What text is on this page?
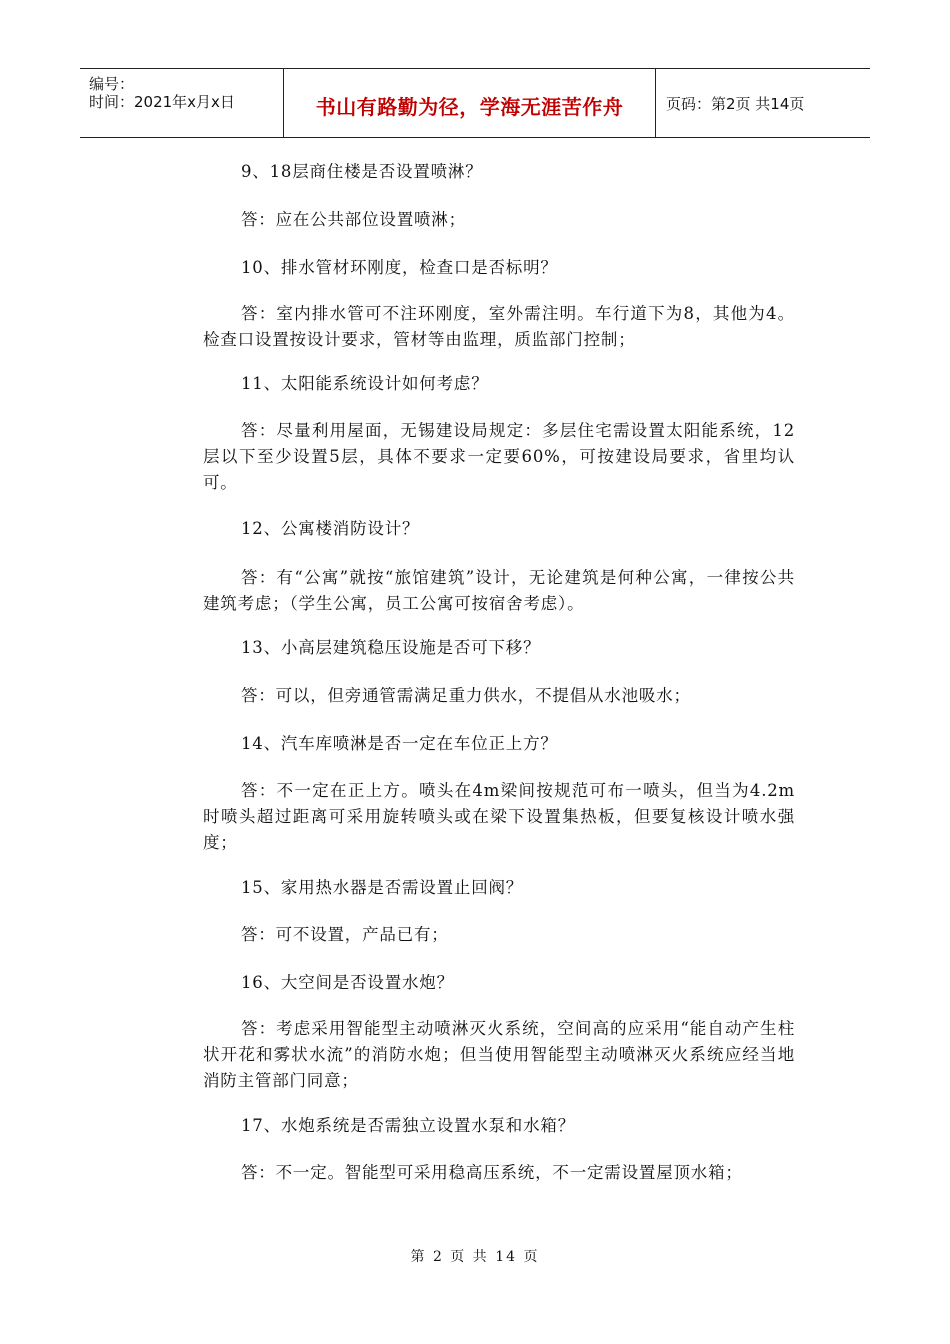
编号：
时间：2021年x月x日	书山有路勤为径，学海无涯苦作舟	页码：第2页 共14页

9、18层商住楼是否设置喷淋？

答：应在公共部位设置喷淋；

10、排水管材环刚度，检查口是否标明？

答：室内排水管可不注环刚度，室外需注明。车行道下为8，其他为4。检查口设置按设计要求，管材等由监理，质监部门控制；

11、太阳能系统设计如何考虑？

答：尽量利用屋面，无锡建设局规定：多层住宅需设置太阳能系统，12层以下至少设置5层，具体不要求一定要60%，可按建设局要求，省里均认可。

12、公寓楼消防设计？

答：有“公寓”就按“旅馆建筑”设计，无论建筑是何种公寓，一律按公共建筑考虑；（学生公寓，员工公寓可按宿舍考虑）。

13、小高层建筑稳压设施是否可下移？

答：可以，但旁通管需满足重力供水，不提倡从水池吸水；

14、汽车库喷淋是否一定在车位正上方？

答：不一定在正上方。喷头在4m梁间按规范可布一喷头，但当为4.2m时喷头超过距离可采用旋转喷头或在梁下设置集热板，但要复核设计喷水强度；

15、家用热水器是否需设置止回阀？

答：可不设置，产品已有；

16、大空间是否设置水炮？

答：考虑采用智能型主动喷淋灭火系统，空间高的应采用“能自动产生柱状开花和雾状水流”的消防水炮；但当使用智能型主动喷淋灭火系统应经当地消防主管部门同意；

17、水炮系统是否需独立设置水泵和水箱？

答：不一定。智能型可采用稳高压系统，不一定需设置屋顶水箱；

第 2 页 共 14 页
